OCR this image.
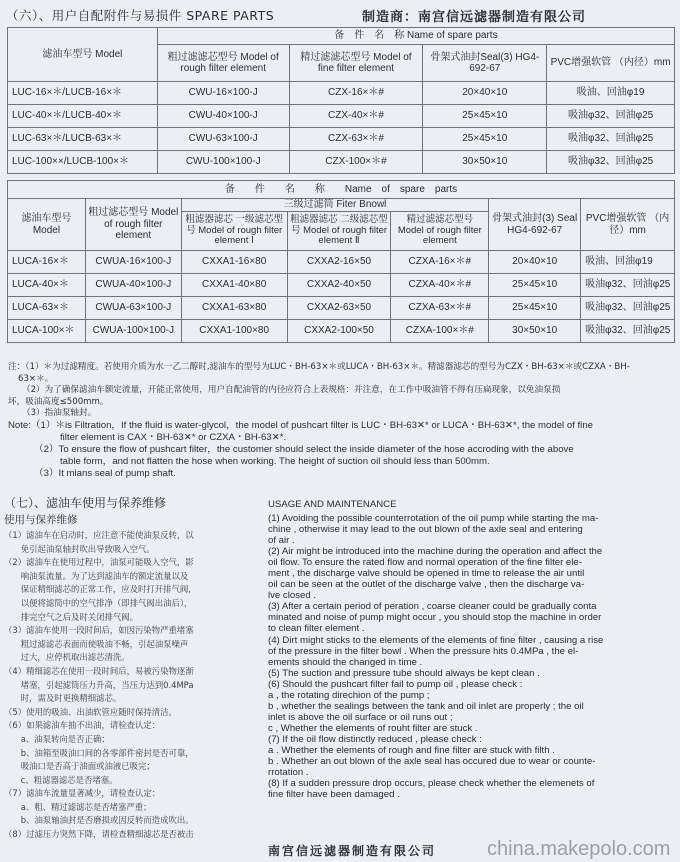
（六）、用户自配附件与易损件 SPARE PARTS	制造商：南宫信远滤器制造有限公司
滤油车型号 Model	备　件　名　称 Name of spare parts			
	粗过滤滤芯型号 Model of rough filter element	精过滤滤芯型号 Model of fine filter element	骨架式油封Seal(3) HG4-692-67	PVC增强软管 （内径）mm
LUC-16×＊/LUCB-16×＊	CWU-16×100-J	CZX-16×＊#	20×40×10	吸油、回油φ19
LUC-40×＊/LUCB-40×＊	CWU-40×100-J	CZX-40×＊#	25×45×10	吸油φ32、回油φ25
LUC-63×＊/LUCB-63×＊	CWU-63×100-J	CZX-63×＊#	25×45×10	吸油φ32、回油φ25
LUC-100××/LUCB-100×＊	CWU-100×100-J	CZX-100×＊#	30×50×10	吸油φ32、回油φ25
备　　件　　名　　称　　Name　of　spare　parts						
滤油车型号 Model	粗过滤芯型号 Model of rough filter element	三级过滤筒 Fiter Bnowl			骨架式油封(3) Seal HG4-692-67	PVC增强软管 （内径）mm
		粗滤器滤芯 一级滤芯型号 Model of rough filter element Ⅰ	粗滤器滤芯 二级滤芯型号 Model of rough filter element Ⅱ	精过滤滤芯型号 Model of rough filter element		
LUCA-16×＊	CWUA-16×100-J	CXXA1-16×80	CXXA2-16×50	CZXA-16×＊#	20×40×10	吸油、回油φ19
LUCA-40×＊	CWUA-40×100-J	CXXA1-40×80	CXXA2-40×50	CZXA-40×＊#	25×45×10	吸油φ32、回油φ25
LUCA-63×＊	CWUA-63×100-J	CXXA1-63×80	CXXA2-63×50	CZXA-63×＊#	25×45×10	吸油φ32、回油φ25
LUCA-100×＊	CWUA-100×100-J	CXXA1-100×80	CXXA2-100×50	CZXA-100×＊#	30×50×10	吸油φ32、回油φ25
注：（1）＊为过滤精度。若使用介质为水一乙二醇时,滤油车的型号为LUC・BH-63×＊或LUCA・BH-63×＊。精滤器滤芯的型号为CZX・BH-63×＊或CZXA・BH-
63×＊。
（2）为了确保滤油车额定流量，开能正常使用，用户自配油管的内径应符合上表规格：并注意，在工作中吸油管不得有压扁现象，以免油泵损
坏，吸油高度≤500mm。
（3）指油泵轴封。
Note:（1）＊is Filtration，If the fluid is water-glycol，the model of pushcart filter is LUC・BH-63✕* or LUCA・BH-63✕*, the model of fine
filter element is CAX・BH-63✕* or CZXA・BH-63✕*.
（2）To ensure the flow of pushcart filter，the customer should select the inside diameter of the hose accroding with the above
table form，and not flatten the hose when working. The height of suction oil should less than 500mm.
（3）It mians seal of pump shaft.
（七）、滤油车使用与保养维修
使用与保养维修

（1）滤油车在启动时，应注意不能使油泵反转，以

　　免引起油泵轴封吹出导致吸入空气。

（2）滤油车在使用过程中，油泵可能吸入空气，影

　　响油泵流量。为了达到滤油车的额定流量以及

　　保证精细滤芯的正常工作，应及时打开排气阀，

　　以便将滤筒中的空气排净（即排气阀出油后），

　　排完空气之后及时关闭排气阀。

（3）滤油车使用一段时间后，如因污染物严重堵塞

　　粗过滤滤芯表面而使吸油不畅，引起油泵噪声

　　过大，应停机取出滤芯清洗。

（4）精细滤芯在使用一段时间后，易被污染物逐渐

　　堵塞，引起滤筒压力升高，当压力达到0.4MPa

　　时，需及时更换精细滤芯。

（5）使用的吸油、出油软管应随时保持清洁。

（6）如果滤油车抽不出油，请检查认定：

　　a、油泵转向是否正确；

　　b、油箱至吸油口间的各零部件密封是否可靠，

　　吸油口是否高于油面或油液已吸完；

　　c、粗滤器滤芯是否堵塞。

（7）滤油车流量显著减少，请检查认定：

　　a、粗、精过滤滤芯是否堵塞严重；

　　b、油泵轴油封是否磨损或因反转而造成吹出。

（8）过滤压力突然下降，请检查精细滤芯是否被击

USAGE AND MAINTENANCE

(1) Avoiding the possible counterrotation of the oil pump while starting the ma-

chine , otherwise it may lead to the out blown of the axle seal and entering

of air .

(2) Air might be introduced into the machine during the operation and affect the

oil flow. To ensure the rated flow and normal operation of the fine filter ele-

ment , the discharge valve should be opened in time to release the air until

oil can be seen at the outlet of the discharge valve , then the discharge va-

lve closed .

(3) After a certain period of peration , coarse cleaner could be gradually conta

minated and noise of pump might occur , you should stop the machine in order

to clean filter element .

(4) Dirt might sticks to the elements of the elements of fine filter , causing a rise

of the pressure in the filter bowl . When the pressure hits 0.4MPa , the el-

ements should the changed in time .

(5) The suction and pressure tube should always be kept clean .

(6) Should the pushcart filter fail to pump oil , please check :

a , the rotating direchion of the pump ;

b , whether the sealings between the tank and oil inlet are properly ; the oil

inlet is above the oil surface or oil runs out ;

c , Whether the elements of rouht filter are stuck .

(7) If the oil flow distinctly reduced , please check :

a . Whether the elements of rough and fine filter are stuck with filth .

b . Whether an out blown of the axle seal has occured due to wear or counte-

rrotation .

(8) If a sudden pressure drop occurs, please check whether the elemenets of

fine filter have been damaged .

南宫信远滤器制造有限公司	china.makepolo.com
